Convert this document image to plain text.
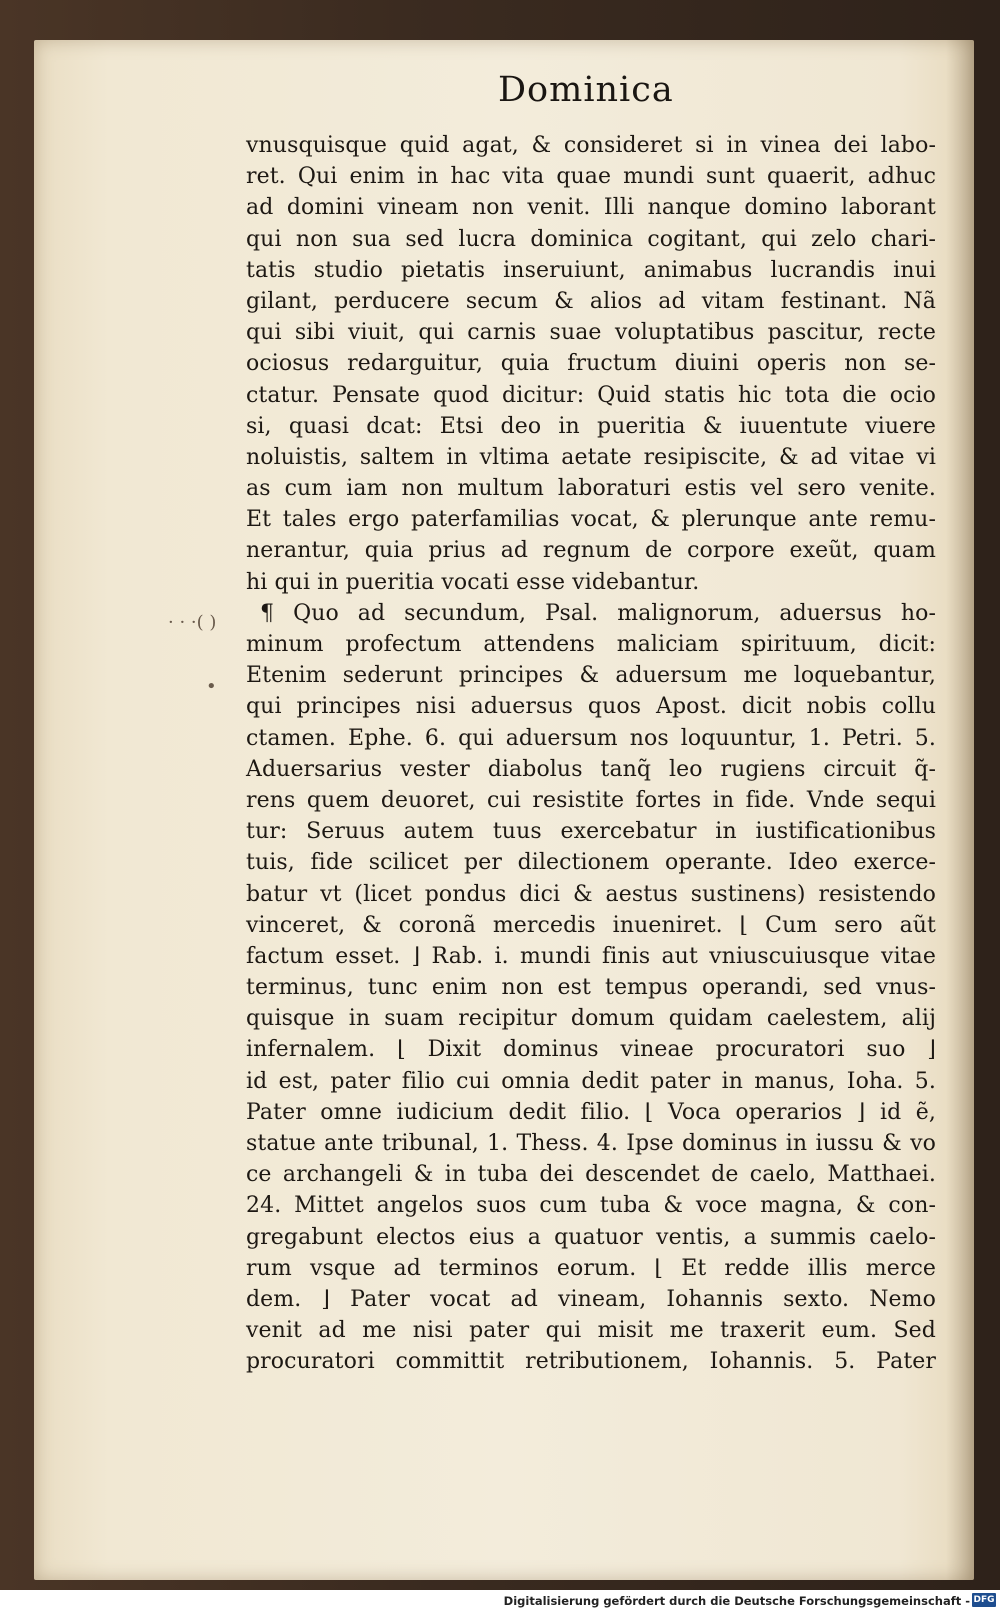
Dominica
· · ·( )
•
vnusquisque quid agat, & consideret si in vinea dei labo-
ret. Qui enim in hac vita quae mundi sunt quaerit, adhuc
ad domini vineam non venit. Illi nanque domino laborant
qui non sua sed lucra dominica cogitant, qui zelo chari-
tatis studio pietatis inseruiunt, animabus lucrandis inui
gilant, perducere secum & alios ad vitam festinant. Nã
qui sibi viuit, qui carnis suae voluptatibus pascitur, recte
ociosus redarguitur, quia fructum diuini operis non se-
ctatur. Pensate quod dicitur: Quid statis hic tota die ocio
si, quasi dcat: Etsi deo in pueritia & iuuentute viuere
noluistis, saltem in vltima aetate resipiscite, & ad vitae vi
as cum iam non multum laboraturi estis vel sero venite.
Et tales ergo paterfamilias vocat, & plerunque ante remu-
nerantur, quia prius ad regnum de corpore exeũt, quam
hi qui in pueritia vocati esse videbantur.
¶ Quo ad secundum, Psal. malignorum, aduersus ho-
minum profectum attendens maliciam spirituum, dicit:
Etenim sederunt principes & aduersum me loquebantur,
qui principes nisi aduersus quos Apost. dicit nobis collu
ctamen. Ephe. 6. qui aduersum nos loquuntur, 1. Petri. 5.
Aduersarius vester diabolus tanq̃ leo rugiens circuit q̃-
rens quem deuoret, cui resistite fortes in fide. Vnde sequi
tur: Seruus autem tuus exercebatur in iustificationibus
tuis, fide scilicet per dilectionem operante. Ideo exerce-
batur vt (licet pondus dici & aestus sustinens) resistendo
vinceret, & coronã mercedis inueniret. ⌊ Cum sero aũt
factum esset. ⌋ Rab. i. mundi finis aut vniuscuiusque vitae
terminus, tunc enim non est tempus operandi, sed vnus-
quisque in suam recipitur domum quidam caelestem, alij
infernalem. ⌊ Dixit dominus vineae procuratori suo ⌋
id est, pater filio cui omnia dedit pater in manus, Ioha. 5.
Pater omne iudicium dedit filio. ⌊ Voca operarios ⌋ id ẽ,
statue ante tribunal, 1. Thess. 4. Ipse dominus in iussu & vo
ce archangeli & in tuba dei descendet de caelo, Matthaei.
24. Mittet angelos suos cum tuba & voce magna, & con-
gregabunt electos eius a quatuor ventis, a summis caelo-
rum vsque ad terminos eorum. ⌊ Et redde illis merce
dem. ⌋ Pater vocat ad vineam, Iohannis sexto. Nemo
venit ad me nisi pater qui misit me traxerit eum. Sed
procuratori committit retributionem, Iohannis. 5. Pater
Digitalisierung gefördert durch die Deutsche Forschungsgemeinschaft - DFG
